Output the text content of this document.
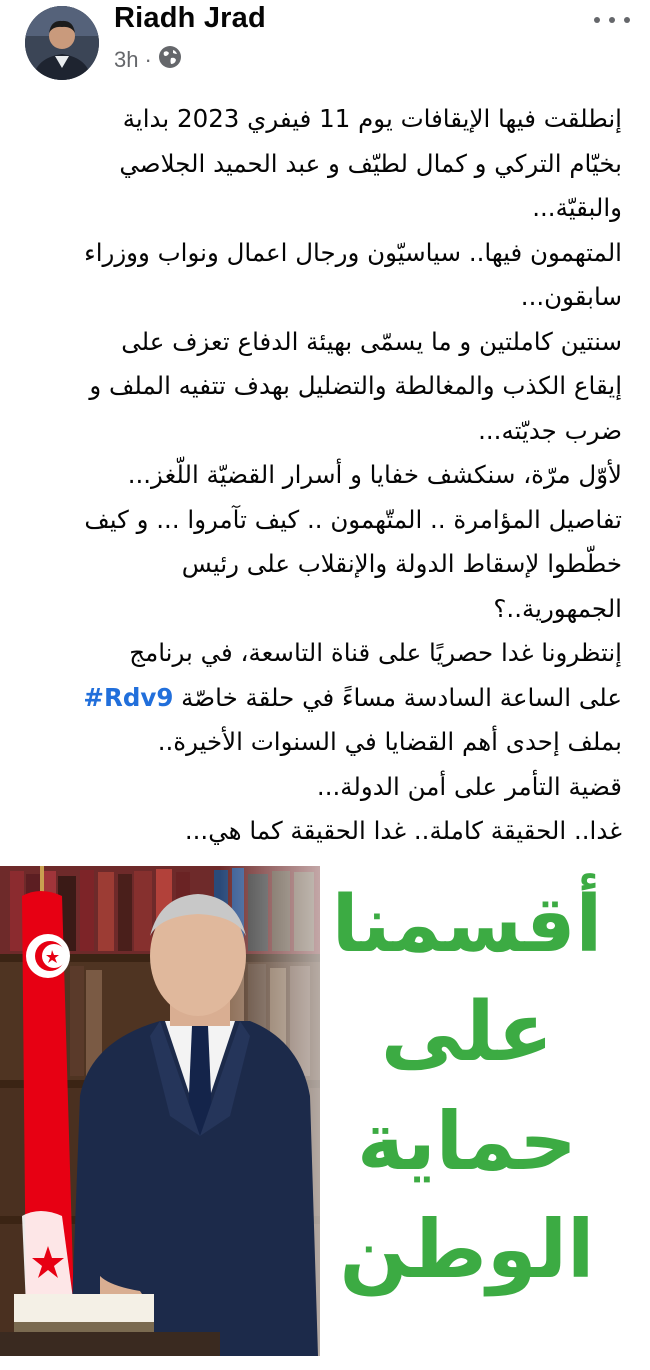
Riadh Jrad
3h ·
إنطلقت فيها الإيقافات يوم 11 فيفري 2023 بداية
بخيّام التركي و كمال لطيّف و عبد الحميد الجلاصي
والبقيّة...
المتهمون فيها.. سياسيّون ورجال اعمال ونواب ووزراء
سابقون...
سنتين كاملتين و ما يسمّى بهيئة الدفاع تعزف على
إيقاع الكذب والمغالطة والتضليل بهدف تتفيه الملف و
ضرب جديّته...
لأوّل مرّة، سنكشف خفايا و أسرار القضيّة اللّغز...
تفاصيل المؤامرة .. المتّهمون .. كيف تآمروا ... و كيف
خطّطوا لإسقاط الدولة والإنقلاب على رئيس
الجمهورية..؟
إنتظرونا غدا حصريًا على قناة التاسعة، في برنامج
على الساعة السادسة مساءً في حلقة خاصّة #Rdv9
بملف إحدى أهم القضايا في السنوات الأخيرة..
قضية التأمر على أمن الدولة...
غدا.. الحقيقة كاملة.. غدا الحقيقة كما هي...
أقسمنا
على
حماية
الوطن
